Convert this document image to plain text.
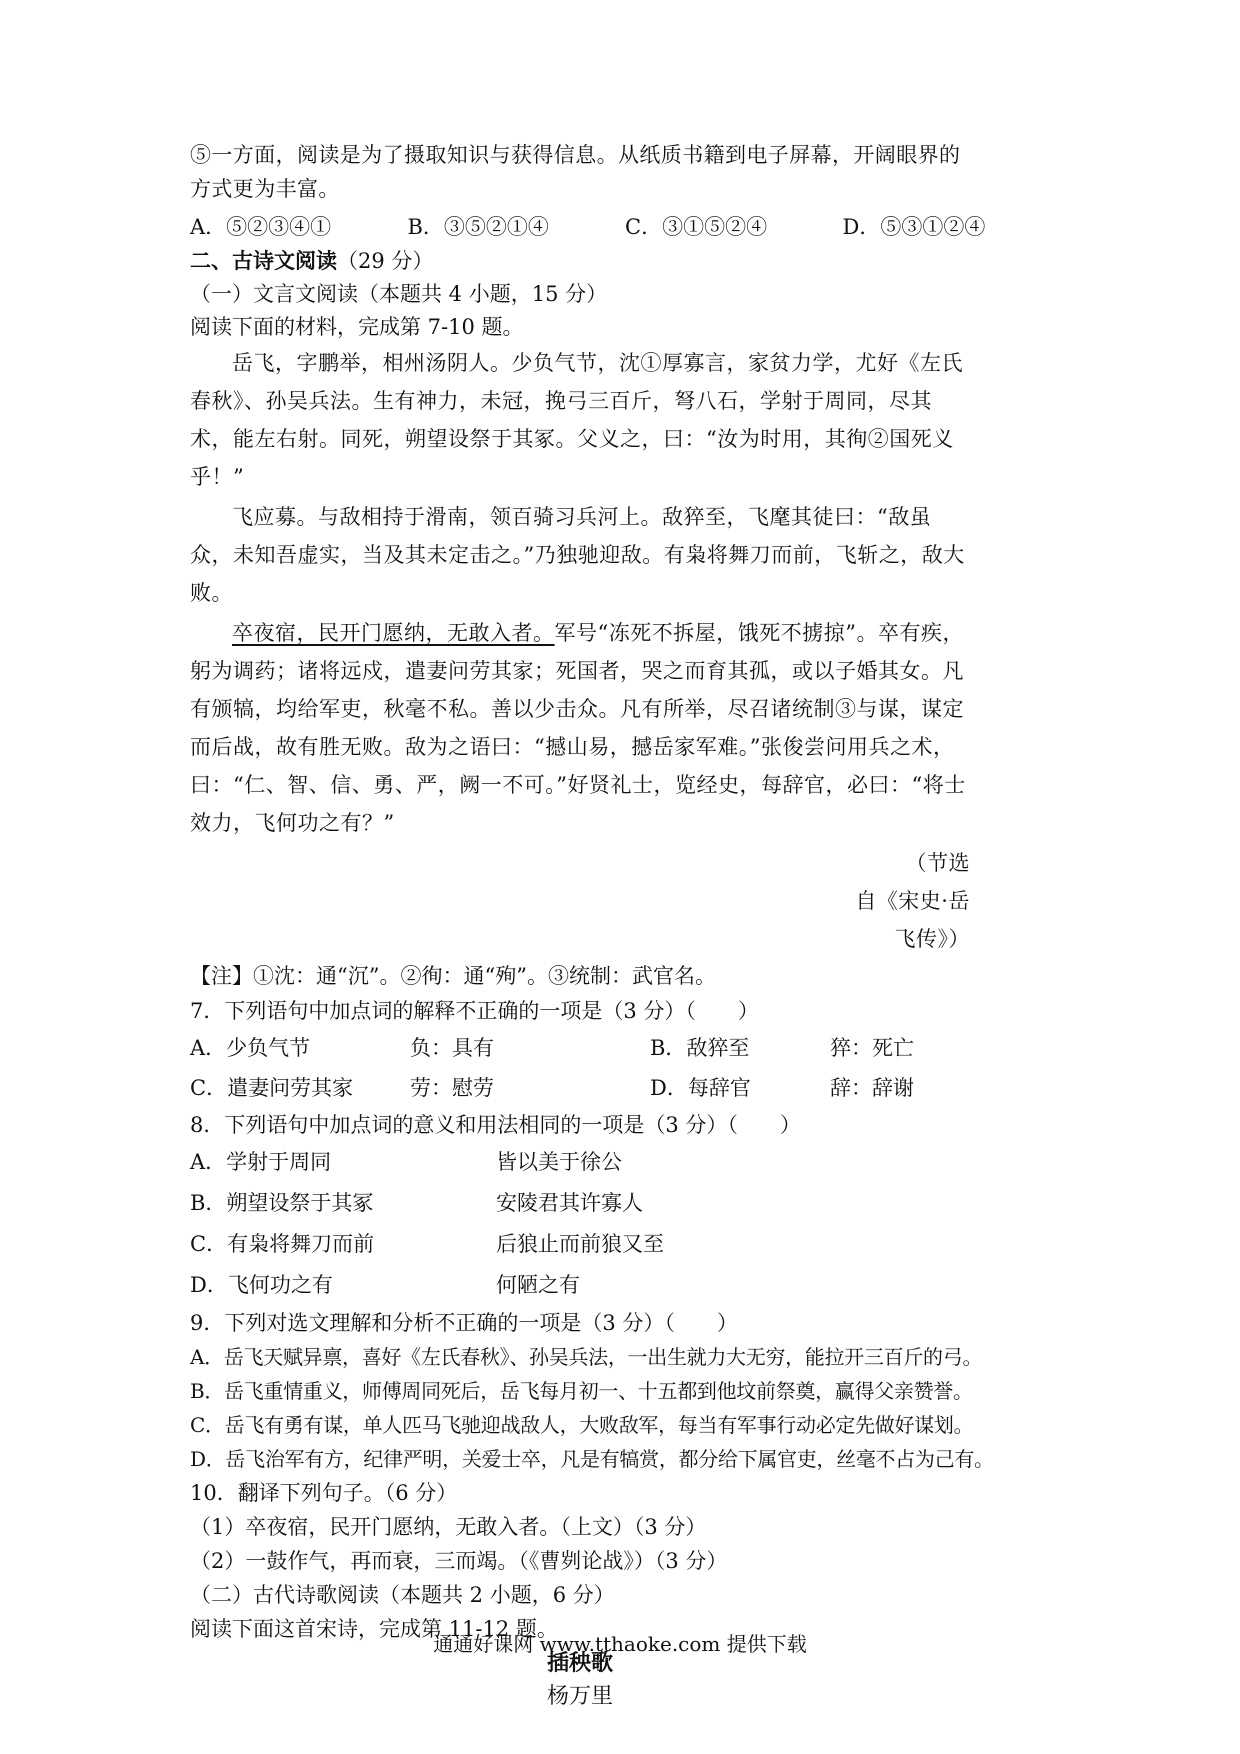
⑤一方面，阅读是为了摄取知识与获得信息。从纸质书籍到电子屏幕，开阔眼界的方式更为丰富。

A．⑤②③④①	B．③⑤②①④	C．③①⑤②④	D．⑤③①②④

二、古诗文阅读（29 分）

（一）文言文阅读（本题共 4 小题，15 分）

阅读下面的材料，完成第 7-10 题。

岳飞，字鹏举，相州汤阴人。少负气节，沈①厚寡言，家贫力学，尤好《左氏春秋》、孙吴兵法。生有神力，未冠，挽弓三百斤，弩八石，学射于周同，尽其术，能左右射。同死，朔望设祭于其冢。父义之，曰：“汝为时用，其徇②国死义乎！”

飞应募。与敌相持于滑南，领百骑习兵河上。敌猝至，飞麾其徒曰：“敌虽众，未知吾虚实，当及其未定击之。”乃独驰迎敌。有枭将舞刀而前，飞斩之，敌大败。

卒夜宿，民开门愿纳，无敢入者。军号“冻死不拆屋，饿死不掳掠”。卒有疾，躬为调药；诸将远戍，遣妻问劳其家；死国者，哭之而育其孤，或以子婚其女。凡有颁犒，均给军吏，秋毫不私。善以少击众。凡有所举，尽召诸统制③与谋，谋定而后战，故有胜无败。敌为之语曰：“撼山易，撼岳家军难。”张俊尝问用兵之术，曰：“仁、智、信、勇、严，阙一不可。”好贤礼士，览经史，每辞官，必曰：“将士效力，飞何功之有？”

（节选
自《宋史·岳
飞传》）

【注】①沈：通“沉”。②徇：通“殉”。③统制：武官名。

7．下列语句中加点词的解释不正确的一项是（3 分）（　　）

A．少负气节	负：具有	B．敌猝至	猝：死亡
C．遣妻问劳其家	劳：慰劳	D．每辞官	辞：辞谢

8．下列语句中加点词的意义和用法相同的一项是（3 分）（　　）

A．学射于周同	皆以美于徐公
B．朔望设祭于其冢	安陵君其许寡人
C．有枭将舞刀而前	后狼止而前狼又至
D．飞何功之有	何陋之有

9．下列对选文理解和分析不正确的一项是（3 分）（　　）

A．岳飞天赋异禀，喜好《左氏春秋》、孙吴兵法，一出生就力大无穷，能拉开三百斤的弓。

B．岳飞重情重义，师傅周同死后，岳飞每月初一、十五都到他坟前祭奠，赢得父亲赞誉。

C．岳飞有勇有谋，单人匹马飞驰迎战敌人，大败敌军，每当有军事行动必定先做好谋划。

D．岳飞治军有方，纪律严明，关爱士卒，凡是有犒赏，都分给下属官吏，丝毫不占为己有。

10．翻译下列句子。（6 分）

（1）卒夜宿，民开门愿纳，无敢入者。（上文）（3 分）

（2）一鼓作气，再而衰，三而竭。（《曹刿论战》）（3 分）

（二）古代诗歌阅读（本题共 2 小题，6 分）

阅读下面这首宋诗，完成第 11-12 题。

插秧歌
杨万里
通通好课网 www.tthaoke.com 提供下载
